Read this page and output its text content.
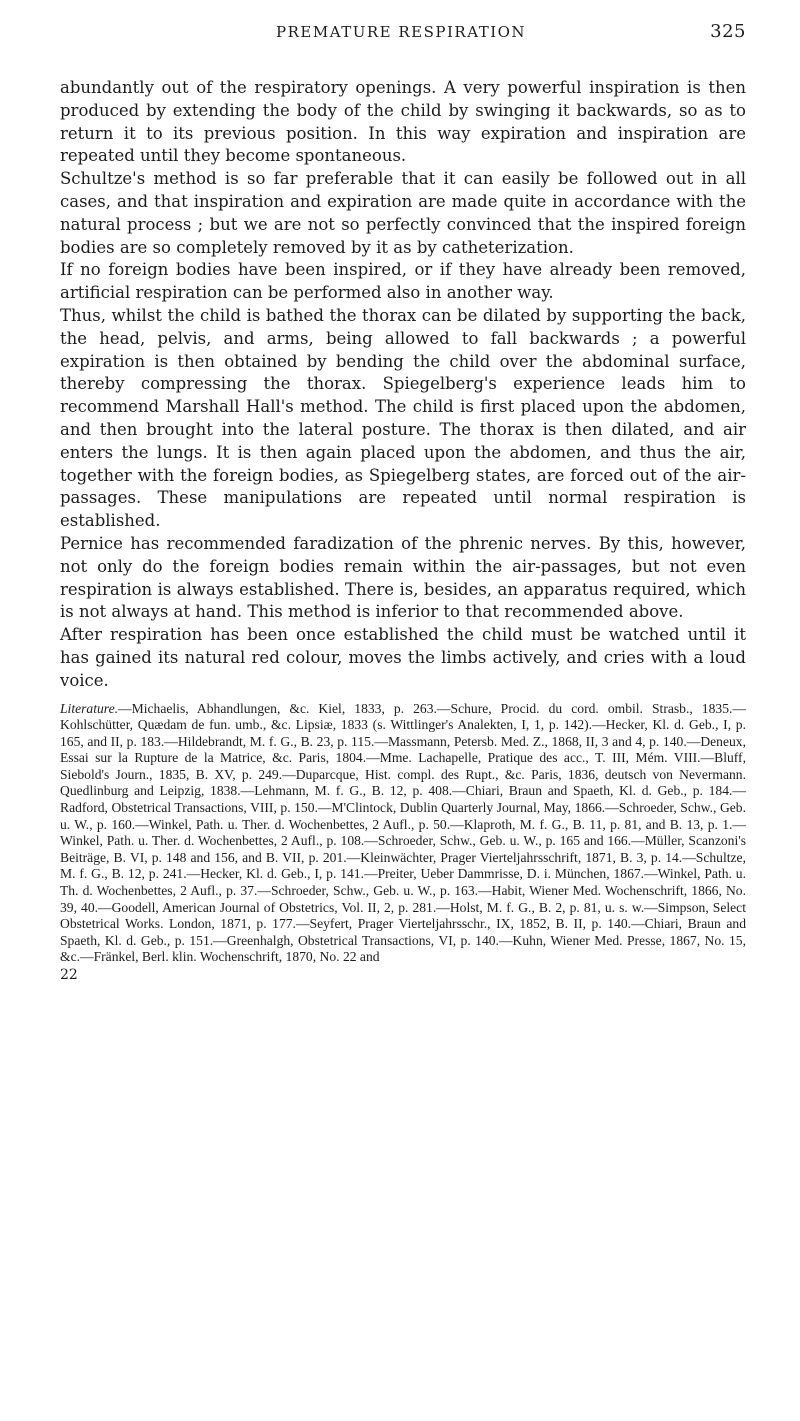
PREMATURE RESPIRATION	325

abundantly out of the respiratory openings. A very powerful inspiration is then produced by extending the body of the child by swinging it backwards, so as to return it to its previous position. In this way expiration and inspiration are repeated until they become spontaneous.

Schultze's method is so far preferable that it can easily be followed out in all cases, and that inspiration and expiration are made quite in accordance with the natural process ; but we are not so perfectly convinced that the inspired foreign bodies are so completely removed by it as by catheterization.

If no foreign bodies have been inspired, or if they have already been removed, artificial respiration can be performed also in another way.

Thus, whilst the child is bathed the thorax can be dilated by supporting the back, the head, pelvis, and arms, being allowed to fall backwards ; a powerful expiration is then obtained by bending the child over the abdominal surface, thereby compressing the thorax. Spiegelberg's experience leads him to recommend Marshall Hall's method. The child is first placed upon the abdomen, and then brought into the lateral posture. The thorax is then dilated, and air enters the lungs. It is then again placed upon the abdomen, and thus the air, together with the foreign bodies, as Spiegelberg states, are forced out of the air-passages. These manipulations are repeated until normal respiration is established.

Pernice has recommended faradization of the phrenic nerves. By this, however, not only do the foreign bodies remain within the air-passages, but not even respiration is always established. There is, besides, an apparatus required, which is not always at hand. This method is inferior to that recommended above.

After respiration has been once established the child must be watched until it has gained its natural red colour, moves the limbs actively, and cries with a loud voice.

Literature.—Michaelis, Abhandlungen, &c. Kiel, 1833, p. 263.—Schure, Procid. du cord. ombil. Strasb., 1835.—Kohlschütter, Quædam de fun. umb., &c. Lipsiæ, 1833 (s. Wittlinger's Analekten, I, 1, p. 142).—Hecker, Kl. d. Geb., I, p. 165, and II, p. 183.—Hildebrandt, M. f. G., B. 23, p. 115.—Massmann, Petersb. Med. Z., 1868, II, 3 and 4, p. 140.—Deneux, Essai sur la Rupture de la Matrice, &c. Paris, 1804.—Mme. Lachapelle, Pratique des acc., T. III, Mém. VIII.—Bluff, Siebold's Journ., 1835, B. XV, p. 249.—Duparcque, Hist. compl. des Rupt., &c. Paris, 1836, deutsch von Nevermann. Quedlinburg and Leipzig, 1838.—Lehmann, M. f. G., B. 12, p. 408.—Chiari, Braun and Spaeth, Kl. d. Geb., p. 184.—Radford, Obstetrical Transactions, VIII, p. 150.—M'Clintock, Dublin Quarterly Journal, May, 1866.—Schroeder, Schw., Geb. u. W., p. 160.—Winkel, Path. u. Ther. d. Wochenbettes, 2 Aufl., p. 50.—Klaproth, M. f. G., B. 11, p. 81, and B. 13, p. 1.—Winkel, Path. u. Ther. d. Wochenbettes, 2 Aufl., p. 108.—Schroeder, Schw., Geb. u. W., p. 165 and 166.—Müller, Scanzoni's Beiträge, B. VI, p. 148 and 156, and B. VII, p. 201.—Kleinwächter, Prager Vierteljahrsschrift, 1871, B. 3, p. 14.—Schultze, M. f. G., B. 12, p. 241.—Hecker, Kl. d. Geb., I, p. 141.—Preiter, Ueber Dammrisse, D. i. München, 1867.—Winkel, Path. u. Th. d. Wochenbettes, 2 Aufl., p. 37.—Schroeder, Schw., Geb. u. W., p. 163.—Habit, Wiener Med. Wochenschrift, 1866, No. 39, 40.—Goodell, American Journal of Obstetrics, Vol. II, 2, p. 281.—Holst, M. f. G., B. 2, p. 81, u. s. w.—Simpson, Select Obstetrical Works. London, 1871, p. 177.—Seyfert, Prager Vierteljahrsschr., IX, 1852, B. II, p. 140.—Chiari, Braun and Spaeth, Kl. d. Geb., p. 151.—Greenhalgh, Obstetrical Transactions, VI, p. 140.—Kuhn, Wiener Med. Presse, 1867, No. 15, &c.—Fränkel, Berl. klin. Wochenschrift, 1870, No. 22 and
22
